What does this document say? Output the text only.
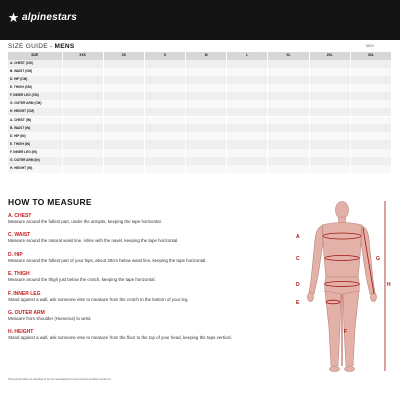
alpinestars
SIZE GUIDE - MENS	6624
SIZE	XXS	XS	S	M	L	XL	2XL	3XL
A. CHEST (CM)								
B. WAIST (CM)								
D. HIP (CM)								
E. THIGH (CM)								
F. INNER LEG (CM)								
G. OUTER ARM (CM)								
H. HEIGHT (CM)								
A. CHEST (IN)								
B. WAIST (IN)								
D. HIP (IN)								
E. THIGH (IN)								
F. INNER LEG (IN)								
G. OUTER ARM (IN)								
H. HEIGHT (IN)								
HOW TO MEASURE
A. CHEST
Measure around the fullest part, under the armpits, keeping the tape horizontal.
C. WAIST
Measure around the natural waist line, inline with the navel, keeping the tape horizontal.
D. HIP
Measure around the fullest part of your hips, about 20cm below waist line, keeping the tape horizontal.
E. THIGH
Measure around the thigh just below the crotch, keeping the tape horizontal.
F. INNER LEG
Stand against a wall, ask someone else to measure from the crotch to the bottom of your leg.
G. OUTER ARM
Measure from shoulder (Humerus) to wrist.
H. HEIGHT
Stand against a wall, ask someone else to measure from the floor to the top of your head, keeping the tape vertical.
H
A
C
D
E
G
F
Sizing information is intended to be the manufacturer's best recommendation and/or fit.
